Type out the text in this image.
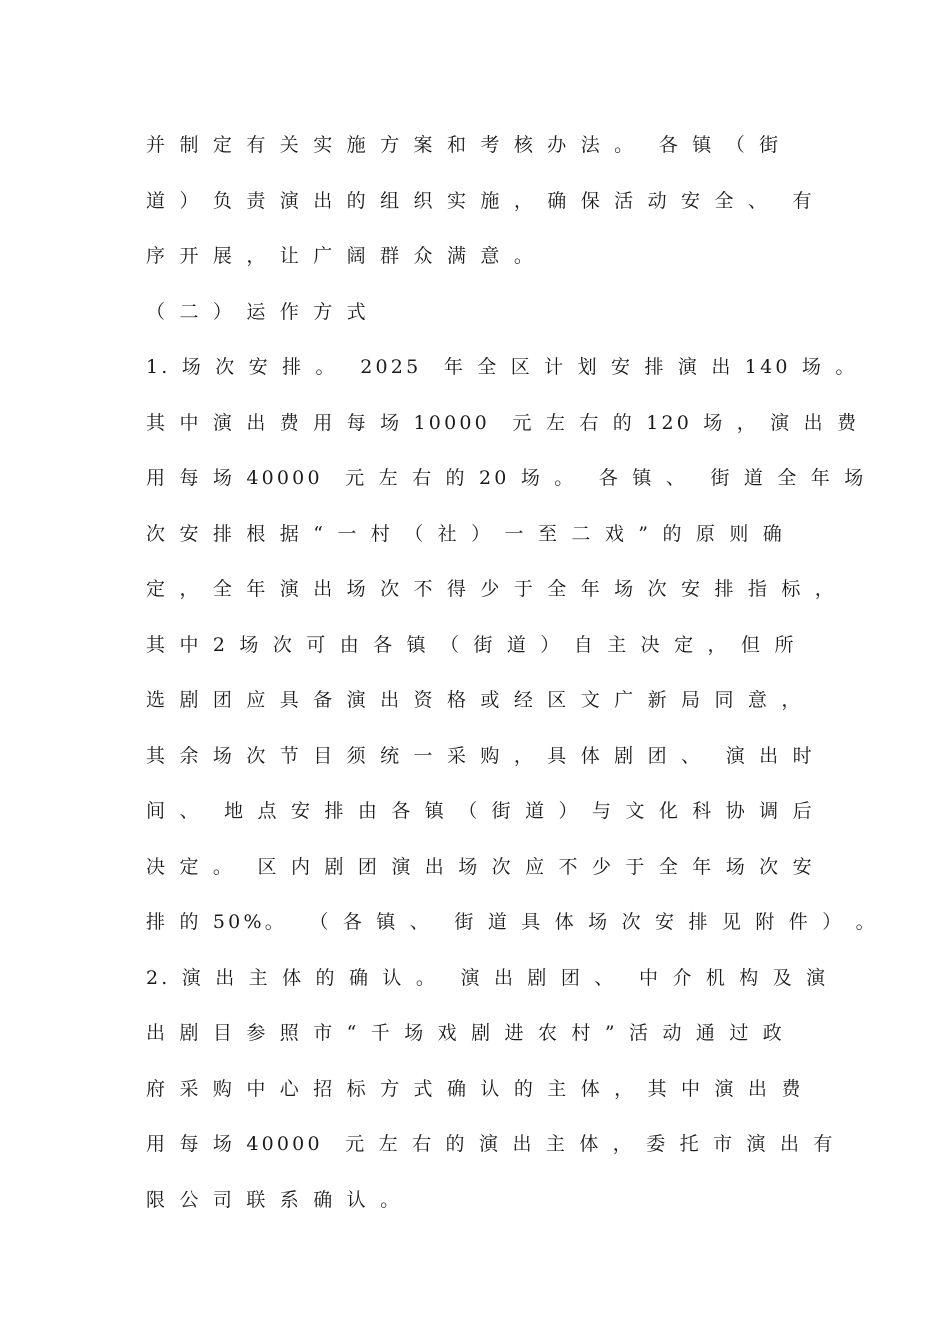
并 制 定 有 关 实 施 方 案 和 考 核 办 法 。  各 镇 （ 街
道 ） 负 责 演 出 的 组 织 实 施 ， 确 保 活 动 安 全 、  有
序 开 展 ， 让 广 阔 群 众 满 意 。
（ 二 ） 运 作 方 式
1. 场 次 安 排 。  2025  年 全 区 计 划 安 排 演 出 140 场 。
其 中 演 出 费 用 每 场 10000  元 左 右 的 120 场 ， 演 出 费
用 每 场 40000  元 左 右 的 20 场 。  各 镇 、  街 道 全 年 场
次 安 排 根 据 “ 一 村 （ 社 ） 一 至 二 戏 ” 的 原 则 确
定 ， 全 年 演 出 场 次 不 得 少 于 全 年 场 次 安 排 指 标 ，
其 中 2 场 次 可 由 各 镇 （ 街 道 ） 自 主 决 定 ， 但 所
选 剧 团 应 具 备 演 出 资 格 或 经 区 文 广 新 局 同 意 ，
其 余 场 次 节 目 须 统 一 采 购 ， 具 体 剧 团 、  演 出 时
间 、  地 点 安 排 由 各 镇 （ 街 道 ） 与 文 化 科 协 调 后
决 定 。  区 内 剧 团 演 出 场 次 应 不 少 于 全 年 场 次 安
排 的 50%。  （ 各 镇 、  街 道 具 体 场 次 安 排 见 附 件 ） 。
2. 演 出 主 体 的 确 认 。  演 出 剧 团 、  中 介 机 构 及 演
出 剧 目 参 照 市 “ 千 场 戏 剧 进 农 村 ” 活 动 通 过 政
府 采 购 中 心 招 标 方 式 确 认 的 主 体 ， 其 中 演 出 费
用 每 场 40000  元 左 右 的 演 出 主 体 ， 委 托 市 演 出 有
限 公 司 联 系 确 认 。
